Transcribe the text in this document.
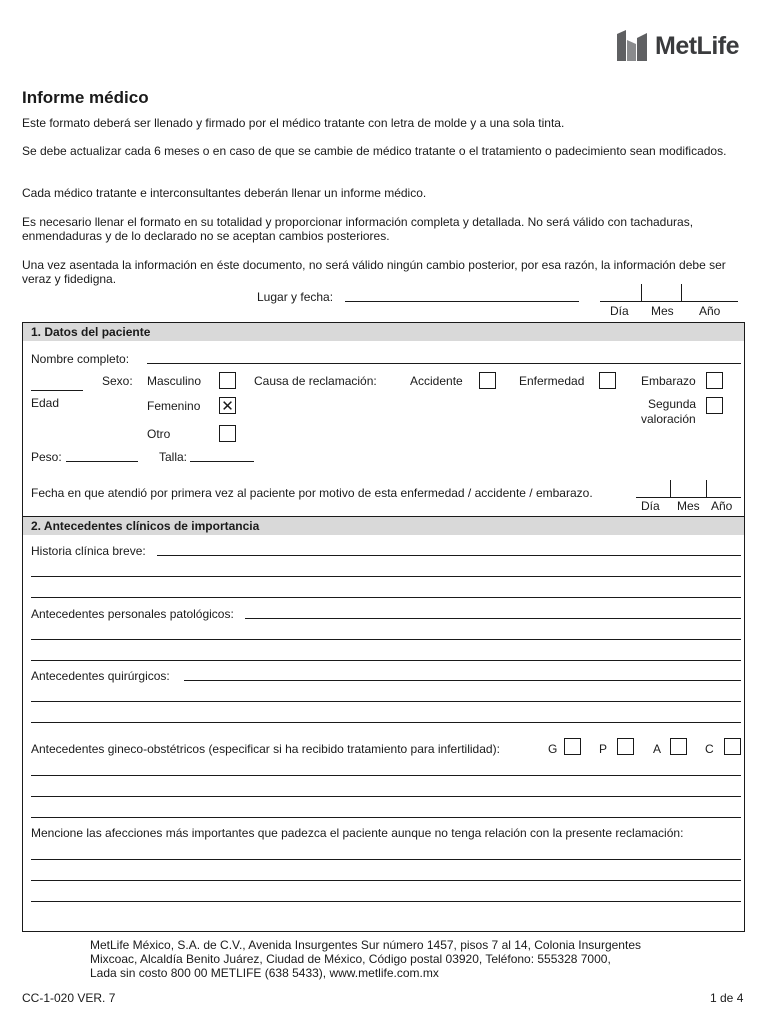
MetLife
Informe médico
Este formato deberá ser llenado y firmado por el médico tratante con letra de molde y a una sola tinta.
Se debe actualizar cada 6 meses o en caso de que se cambie de médico tratante o el tratamiento o padecimiento sean modificados.
Cada médico tratante e interconsultantes deberán llenar un informe médico.
Es necesario llenar el formato en su totalidad y proporcionar información completa y detallada. No será válido con tachaduras, enmendaduras y de lo declarado no se aceptan cambios posteriores.
Una vez asentada la información en éste documento, no será válido ningún cambio posterior, por esa razón, la información debe ser veraz y fidedigna.
Lugar y fecha:
Día Mes Año
1. Datos del paciente
Nombre completo:
Edad
Sexo: Masculino
Femenino ✕
Otro
Causa de reclamación:	Accidente	Enfermedad	Embarazo
Segunda
valoración
Peso:	Talla:
Fecha en que atendió por primera vez al paciente por motivo de esta enfermedad / accidente / embarazo.
Día Mes Año
2. Antecedentes clínicos de importancia
Historia clínica breve:
Antecedentes personales patológicos:
Antecedentes quirúrgicos:
Antecedentes gineco-obstétricos (especificar si ha recibido tratamiento para infertilidad):	G	P	A	C
Mencione las afecciones más importantes que padezca el paciente aunque no tenga relación con la presente reclamación:
MetLife México, S.A. de C.V., Avenida Insurgentes Sur número 1457, pisos 7 al 14, Colonia Insurgentes
Mixcoac, Alcaldía Benito Juárez, Ciudad de México, Código postal 03920, Teléfono: 555328 7000,
Lada sin costo 800 00 METLIFE (638 5433), www.metlife.com.mx
CC-1-020 VER. 7	1 de 4
